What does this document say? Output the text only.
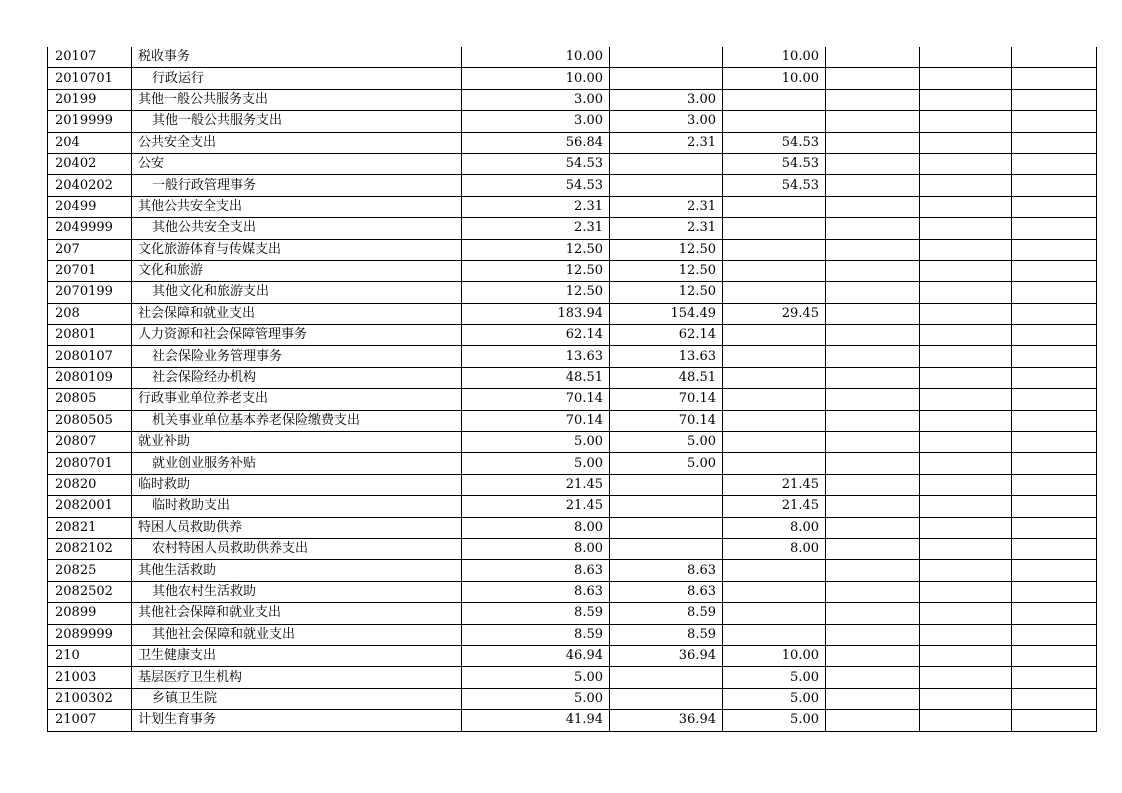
20107	税收事务	10.00		10.00			
2010701	行政运行	10.00		10.00			
20199	其他一般公共服务支出	3.00	3.00				
2019999	其他一般公共服务支出	3.00	3.00				
204	公共安全支出	56.84	2.31	54.53			
20402	公安	54.53		54.53			
2040202	一般行政管理事务	54.53		54.53			
20499	其他公共安全支出	2.31	2.31				
2049999	其他公共安全支出	2.31	2.31				
207	文化旅游体育与传媒支出	12.50	12.50				
20701	文化和旅游	12.50	12.50				
2070199	其他文化和旅游支出	12.50	12.50				
208	社会保障和就业支出	183.94	154.49	29.45			
20801	人力资源和社会保障管理事务	62.14	62.14				
2080107	社会保险业务管理事务	13.63	13.63				
2080109	社会保险经办机构	48.51	48.51				
20805	行政事业单位养老支出	70.14	70.14				
2080505	机关事业单位基本养老保险缴费支出	70.14	70.14				
20807	就业补助	5.00	5.00				
2080701	就业创业服务补贴	5.00	5.00				
20820	临时救助	21.45		21.45			
2082001	临时救助支出	21.45		21.45			
20821	特困人员救助供养	8.00		8.00			
2082102	农村特困人员救助供养支出	8.00		8.00			
20825	其他生活救助	8.63	8.63				
2082502	其他农村生活救助	8.63	8.63				
20899	其他社会保障和就业支出	8.59	8.59				
2089999	其他社会保障和就业支出	8.59	8.59				
210	卫生健康支出	46.94	36.94	10.00			
21003	基层医疗卫生机构	5.00		5.00			
2100302	乡镇卫生院	5.00		5.00			
21007	计划生育事务	41.94	36.94	5.00			
